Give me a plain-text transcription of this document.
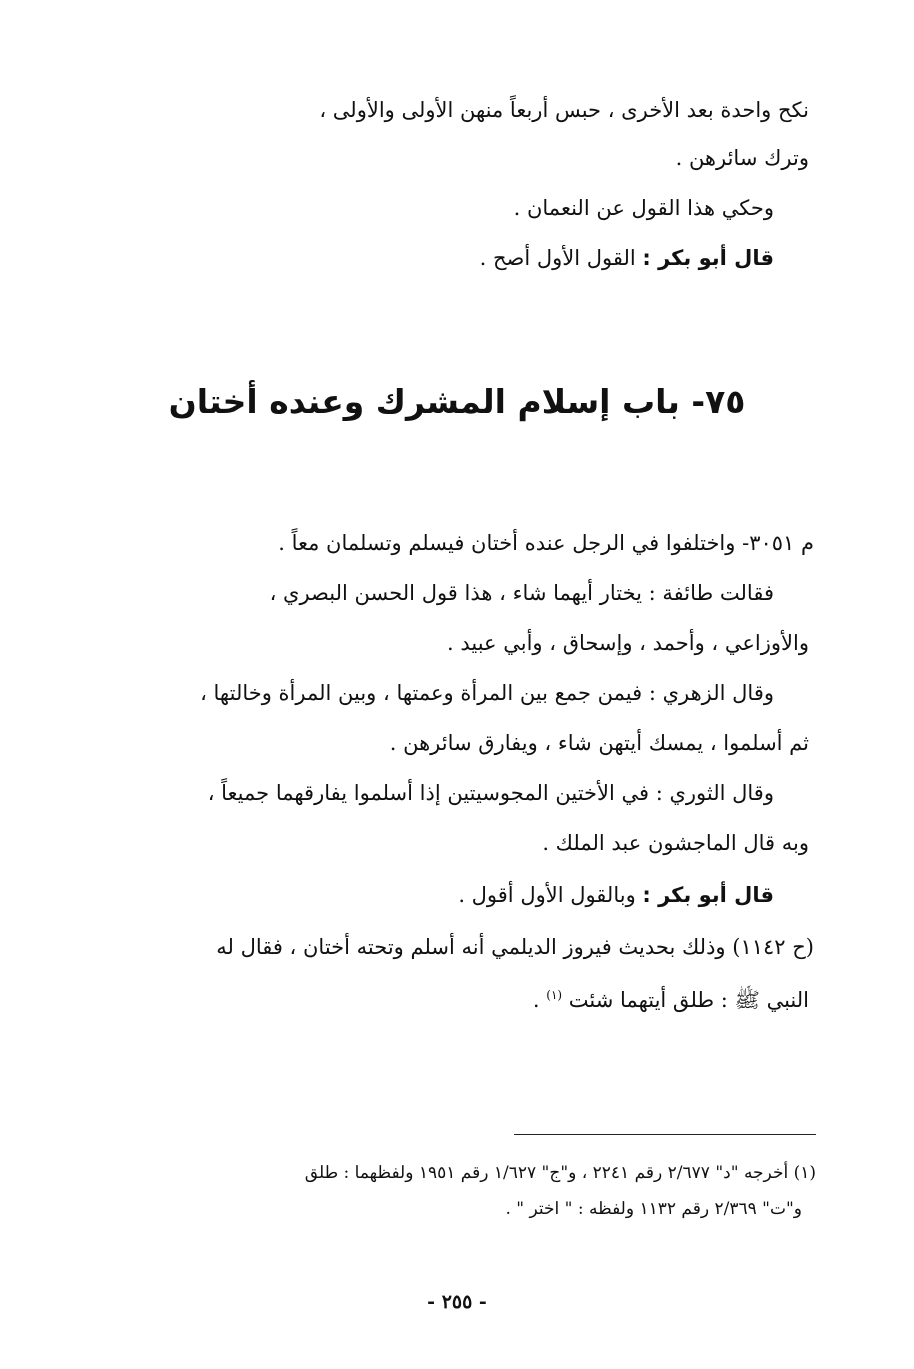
نكح واحدة بعد الأخرى ، حبس أربعاً منهن الأولى والأولى ،
وترك سائرهن .
وحكي هذا القول عن النعمان .
قال أبو بكر : القول الأول أصح .
٧٥- باب إسلام المشرك وعنده أختان
م ٣٠٥١- واختلفوا في الرجل عنده أختان فيسلم وتسلمان معاً .
فقالت طائفة : يختار أيهما شاء ، هذا قول الحسن البصري ،
والأوزاعي ، وأحمد ، وإسحاق ، وأبي عبيد .
وقال الزهري : فيمن جمع بين المرأة وعمتها ، وبين المرأة وخالتها ،
ثم أسلموا ، يمسك أيتهن شاء ، ويفارق سائرهن .
وقال الثوري : في الأختين المجوسيتين إذا أسلموا يفارقهما جميعاً ،
وبه قال الماجشون عبد الملك .
قال أبو بكر : وبالقول الأول أقول .
(ح ١١٤٢) وذلك بحديث فيروز الديلمي أنه أسلم وتحته أختان ، فقال له
النبي ﷺ : طلق أيتهما شئت $^{(١)}$ .
(١) أخرجه "د" ٢/٦٧٧ رقم ٢٢٤١ ، و"ج" ١/٦٢٧ رقم ١٩٥١ ولفظهما : طلق
و"ت" ٢/٣٦٩ رقم ١١٣٢ ولفظه : " اختر " .
- ٢٥٥ -
